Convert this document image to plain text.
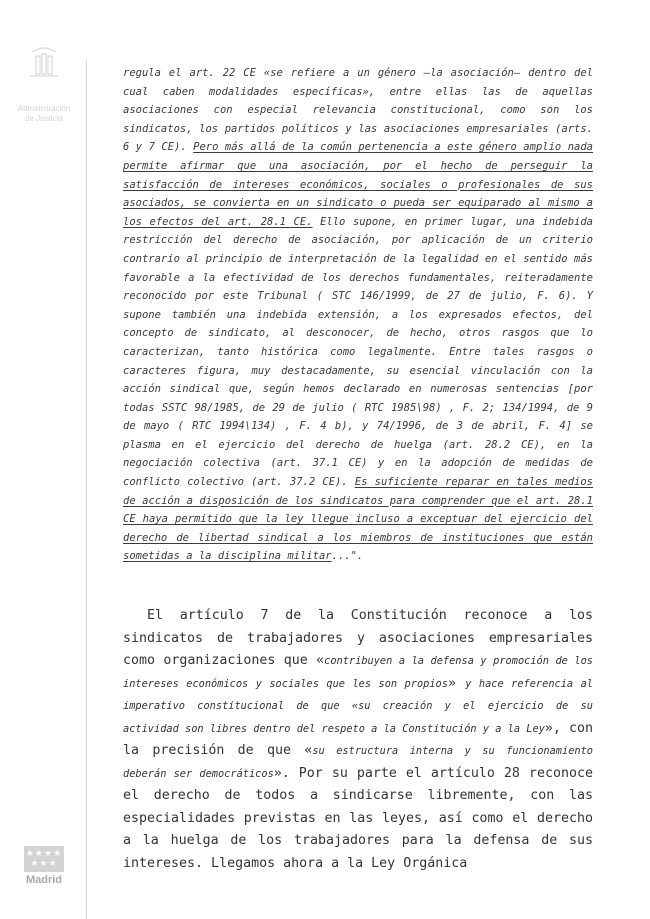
Administración
de Justicia
★★★★ ★★★
Madrid

regula el art. 22 CE «se refiere a un género –la asociación– dentro del cual caben modalidades específicas», entre ellas las de aquellas asociaciones con especial relevancia constitucional, como son los sindicatos, los partidos políticos y las asociaciones empresariales (arts. 6 y 7 CE). Pero más allá de la común pertenencia a este género amplio nada permite afirmar que una asociación, por el hecho de perseguir la satisfacción de intereses económicos, sociales o profesionales de sus asociados, se convierta en un sindicato o pueda ser equiparado al mismo a los efectos del art. 28.1 CE. Ello supone, en primer lugar, una indebida restricción del derecho de asociación, por aplicación de un criterio contrario al principio de interpretación de la legalidad en el sentido más favorable a la efectividad de los derechos fundamentales, reiteradamente reconocido por este Tribunal ( STC 146/1999, de 27 de julio, F. 6). Y supone también una indebida extensión, a los expresados efectos, del concepto de sindicato, al desconocer, de hecho, otros rasgos que lo caracterizan, tanto histórica como legalmente. Entre tales rasgos o caracteres figura, muy destacadamente, su esencial vinculación con la acción sindical que, según hemos declarado en numerosas sentencias [por todas SSTC 98/1985, de 29 de julio ( RTC 1985\98) , F. 2; 134/1994, de 9 de mayo ( RTC 1994\134) , F. 4 b), y 74/1996, de 3 de abril, F. 4] se plasma en el ejercicio del derecho de huelga (art. 28.2 CE), en la negociación colectiva (art. 37.1 CE) y en la adopción de medidas de conflicto colectivo (art. 37.2 CE). Es suficiente reparar en tales medios de acción a disposición de los sindicatos para comprender que el art. 28.1 CE haya permitido que la ley llegue incluso a exceptuar del ejercicio del derecho de libertad sindical a los miembros de instituciones que están sometidas a la disciplina militar...".

El artículo 7 de la Constitución reconoce a los sindicatos de trabajadores y asociaciones empresariales como organizaciones que «contribuyen a la defensa y promoción de los intereses económicos y sociales que les son propios» y hace referencia al imperativo constitucional de que «su creación y el ejercicio de su actividad son libres dentro del respeto a la Constitución y a la Ley», con la precisión de que «su estructura interna y su funcionamiento deberán ser democráticos». Por su parte el artículo 28 reconoce el derecho de todos a sindicarse libremente, con las especialidades previstas en las leyes, así como el derecho a la huelga de los trabajadores para la defensa de sus intereses. Llegamos ahora a la Ley Orgánica
